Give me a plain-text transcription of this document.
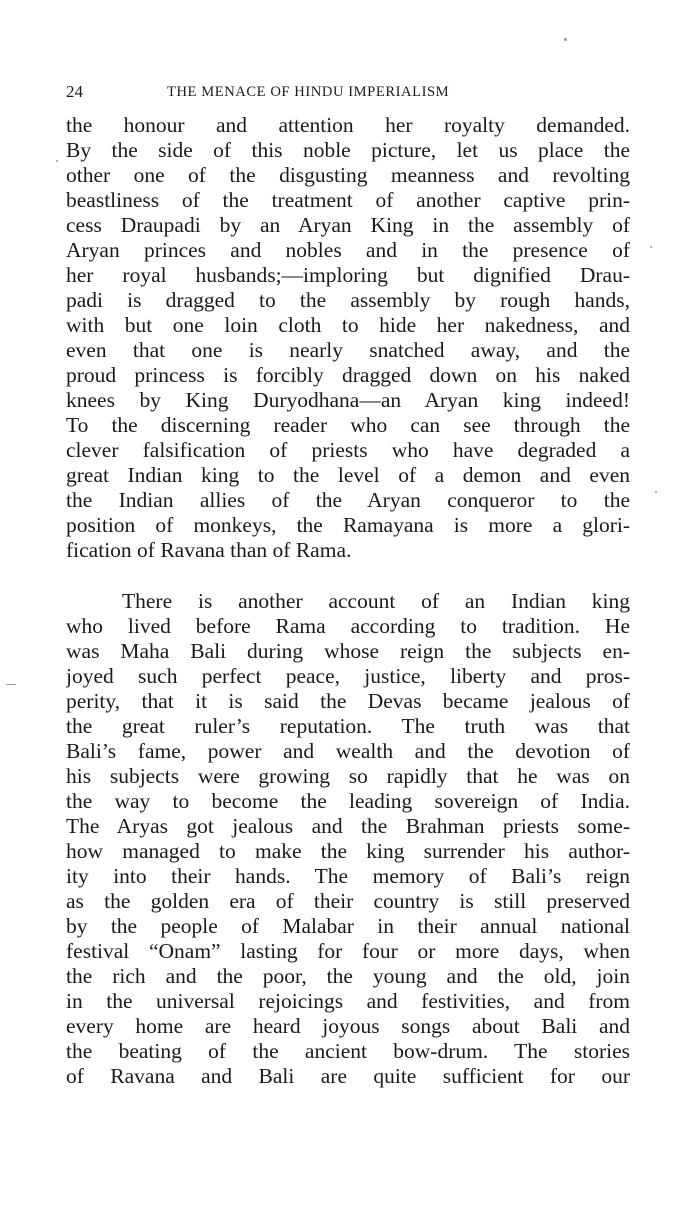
24	THE MENACE OF HINDU IMPERIALISM
the honour and attention her royalty demanded.
By the side of this noble picture, let us place the
other one of the disgusting meanness and revolting
beastliness of the treatment of another captive prin-
cess Draupadi by an Aryan King in the assembly of
Aryan princes and nobles and in the presence of
her royal husbands;—imploring but dignified Drau-
padi is dragged to the assembly by rough hands,
with but one loin cloth to hide her nakedness, and
even that one is nearly snatched away, and the
proud princess is forcibly dragged down on his naked
knees by King Duryodhana—an Aryan king indeed!
To the discerning reader who can see through the
clever falsification of priests who have degraded a
great Indian king to the level of a demon and even
the Indian allies of the Aryan conqueror to the
position of monkeys, the Ramayana is more a glori-
fication of Ravana than of Rama.
There is another account of an Indian king
who lived before Rama according to tradition. He
was Maha Bali during whose reign the subjects en-
joyed such perfect peace, justice, liberty and pros-
perity, that it is said the Devas became jealous of
the great ruler’s reputation. The truth was that
Bali’s fame, power and wealth and the devotion of
his subjects were growing so rapidly that he was on
the way to become the leading sovereign of India.
The Aryas got jealous and the Brahman priests some-
how managed to make the king surrender his author-
ity into their hands. The memory of Bali’s reign
as the golden era of their country is still preserved
by the people of Malabar in their annual national
festival “Onam” lasting for four or more days, when
the rich and the poor, the young and the old, join
in the universal rejoicings and festivities, and from
every home are heard joyous songs about Bali and
the beating of the ancient bow-drum. The stories
of Ravana and Bali are quite sufficient for our
